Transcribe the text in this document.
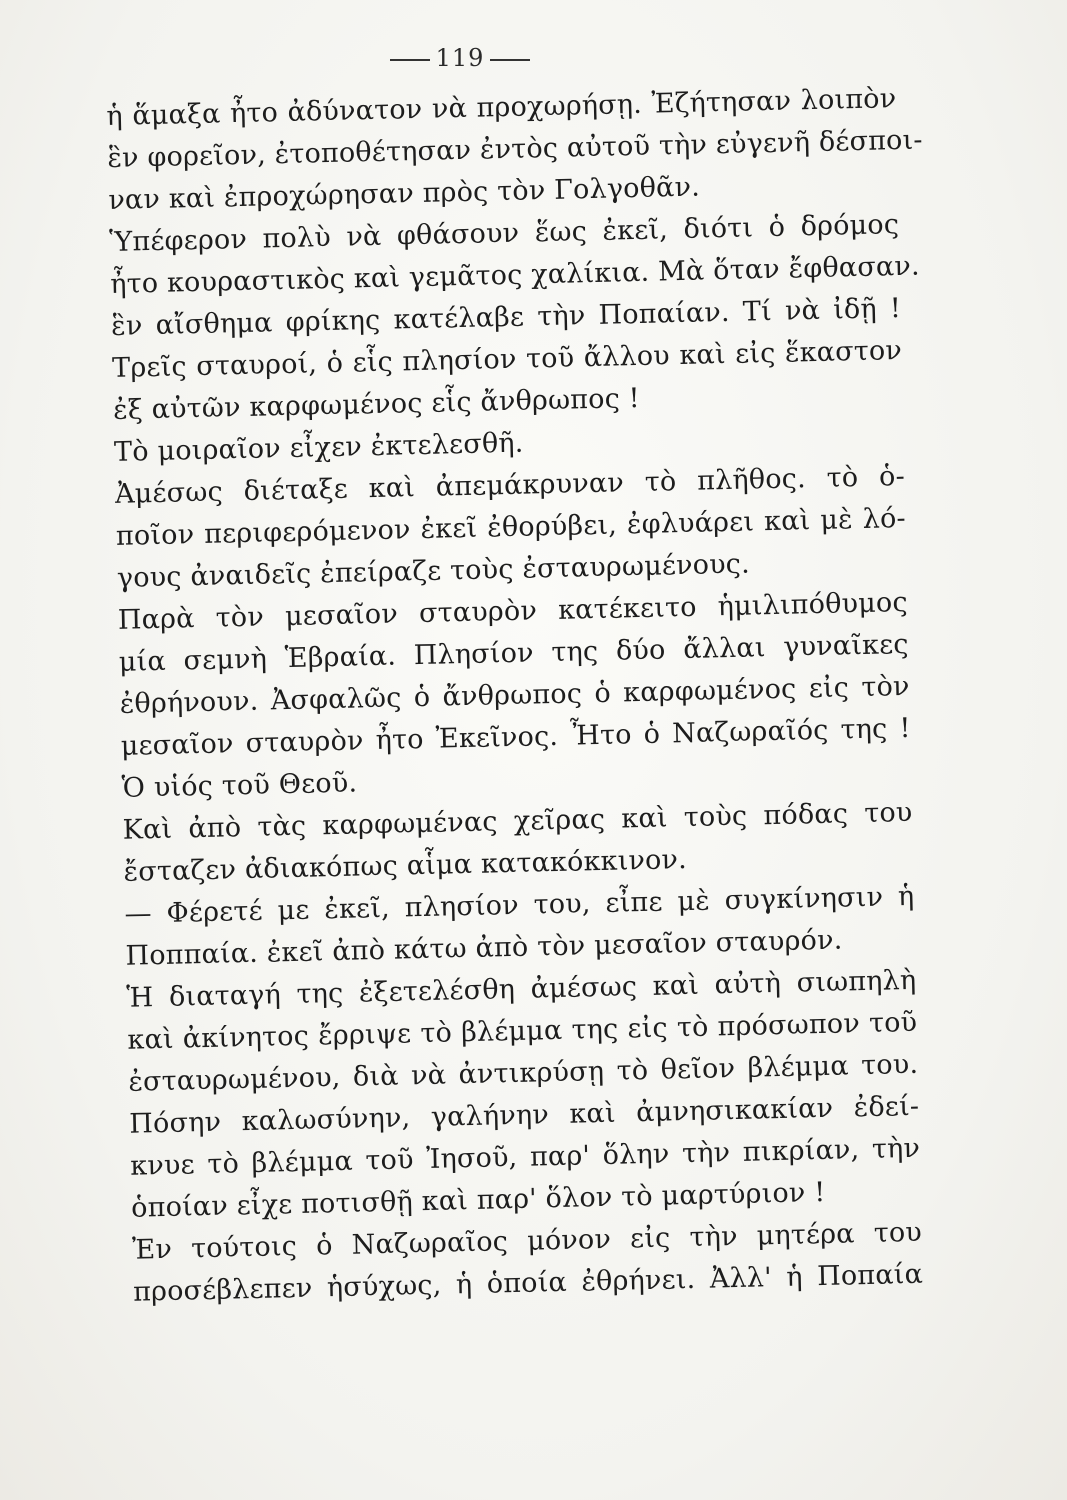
119
ἡ ἅμαξα ἦτο ἀδύνατον νὰ προχωρήσῃ. Ἐζήτησαν λοιπὸν
ἓν φορεῖον, ἐτοποθέτησαν ἐντὸς αὐτοῦ τὴν εὐγενῆ δέσποι-
ναν καὶ ἐπροχώρησαν πρὸς τὸν Γολγοθᾶν.
Ὑπέφερον πολὺ νὰ φθάσουν ἕως ἐκεῖ, διότι ὁ δρόμος
ἦτο κουραστικὸς καὶ γεμᾶτος χαλίκια. Μὰ ὅταν ἔφθασαν.
ἓν αἴσθημα φρίκης κατέλαβε τὴν Ποπαίαν. Τί νὰ ἰδῇ !
Τρεῖς σταυροί, ὁ εἷς πλησίον τοῦ ἄλλου καὶ εἰς ἕκαστον
ἐξ αὐτῶν καρφωμένος εἷς ἄνθρωπος !
Τὸ μοιραῖον εἶχεν ἐκτελεσθῆ.
Ἀμέσως διέταξε καὶ ἀπεμάκρυναν τὸ πλῆθος. τὸ ὁ-
ποῖον περιφερόμενον ἐκεῖ ἐθορύβει, ἐφλυάρει καὶ μὲ λό-
γους ἀναιδεῖς ἐπείραζε τοὺς ἐσταυρωμένους.
Παρὰ τὸν μεσαῖον σταυρὸν κατέκειτο ἡμιλιπόθυμος
μία σεμνὴ Ἑβραία. Πλησίον της δύο ἄλλαι γυναῖκες
ἐθρήνουν. Ἀσφαλῶς ὁ ἄνθρωπος ὁ καρφωμένος εἰς τὸν
μεσαῖον σταυρὸν ἦτο Ἐκεῖνος. Ἦτο ὁ Ναζωραῖός της !
Ὁ υἱός τοῦ Θεοῦ.
Καὶ ἀπὸ τὰς καρφωμένας χεῖρας καὶ τοὺς πόδας του
ἔσταζεν ἀδιακόπως αἷμα κατακόκκινον.
— Φέρετέ με ἐκεῖ, πλησίον του, εἶπε μὲ συγκίνησιν ἡ
Ποππαία. ἐκεῖ ἀπὸ κάτω ἀπὸ τὸν μεσαῖον σταυρόν.
Ἡ διαταγή της ἐξετελέσθη ἀμέσως καὶ αὐτὴ σιωπηλὴ
καὶ ἀκίνητος ἔρριψε τὸ βλέμμα της εἰς τὸ πρόσωπον τοῦ
ἐσταυρωμένου, διὰ νὰ ἀντικρύσῃ τὸ θεῖον βλέμμα του.
Πόσην καλωσύνην, γαλήνην καὶ ἀμνησικακίαν ἐδεί-
κνυε τὸ βλέμμα τοῦ Ἰησοῦ, παρ' ὅλην τὴν πικρίαν, τὴν
ὁποίαν εἶχε ποτισθῇ καὶ παρ' ὅλον τὸ μαρτύριον !
Ἐν τούτοις ὁ Ναζωραῖος μόνον εἰς τὴν μητέρα του
προσέβλεπεν ἡσύχως, ἡ ὁποία ἐθρήνει. Ἀλλ' ἡ Ποπαία
